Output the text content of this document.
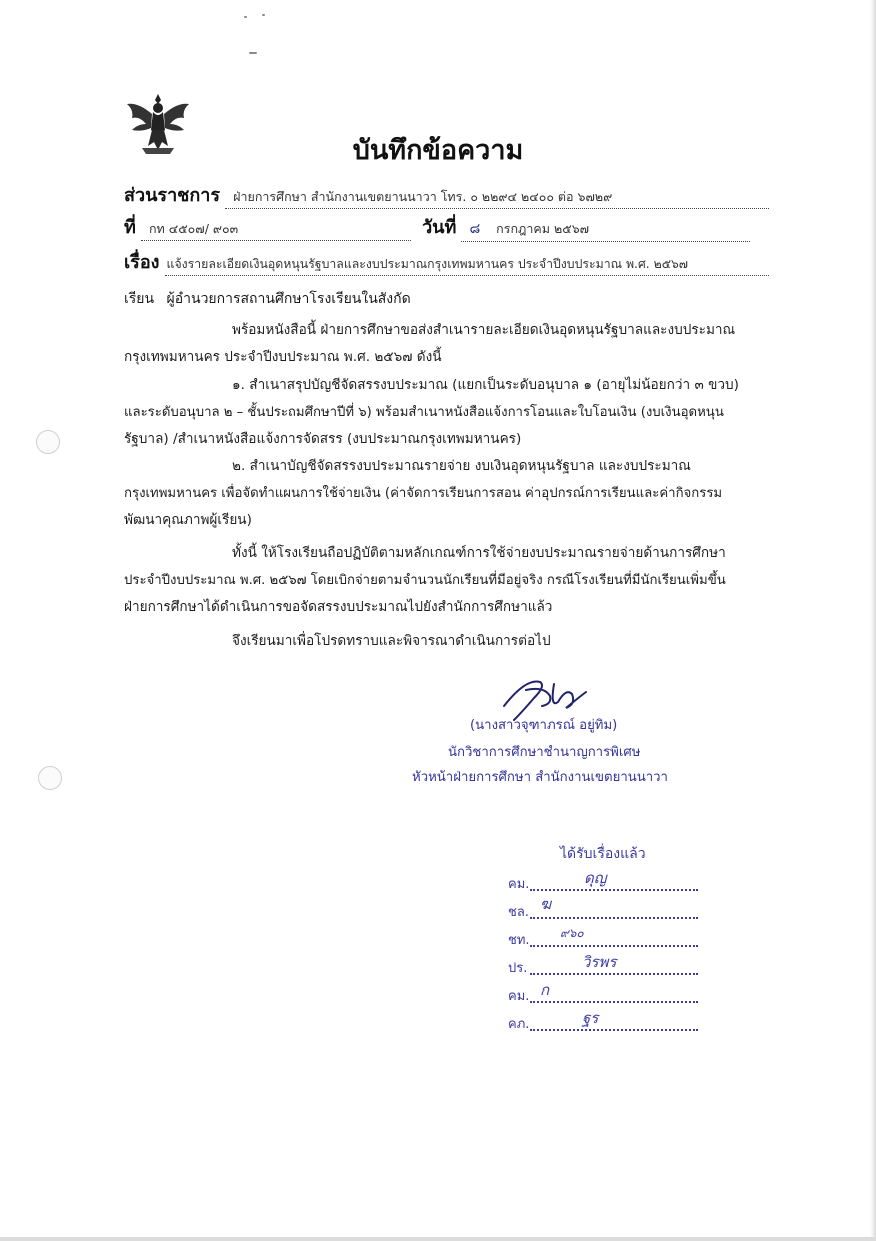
บันทึกข้อความ
ส่วนราชการ ฝ่ายการศึกษา สำนักงานเขตยานนาวา โทร. ๐ ๒๒๙๔ ๒๔๐๐ ต่อ ๖๗๒๙
ที่ กท ๔๕๐๗/ ๙๐๓	วันที่ ๘ กรกฎาคม ๒๕๖๗
เรื่อง แจ้งรายละเอียดเงินอุดหนุนรัฐบาลและงบประมาณกรุงเทพมหานคร ประจำปีงบประมาณ พ.ศ. ๒๕๖๗
เรียน ผู้อำนวยการสถานศึกษาโรงเรียนในสังกัด
พร้อมหนังสือนี้ ฝ่ายการศึกษาขอส่งสำเนารายละเอียดเงินอุดหนุนรัฐบาลและงบประมาณ
กรุงเทพมหานคร ประจำปีงบประมาณ พ.ศ. ๒๕๖๗ ดังนี้
๑. สำเนาสรุปบัญชีจัดสรรงบประมาณ (แยกเป็นระดับอนุบาล ๑ (อายุไม่น้อยกว่า ๓ ขวบ)
และระดับอนุบาล ๒ – ชั้นประถมศึกษาปีที่ ๖) พร้อมสำเนาหนังสือแจ้งการโอนและใบโอนเงิน (งบเงินอุดหนุน
รัฐบาล) /สำเนาหนังสือแจ้งการจัดสรร (งบประมาณกรุงเทพมหานคร)
๒. สำเนาบัญชีจัดสรรงบประมาณรายจ่าย งบเงินอุดหนุนรัฐบาล และงบประมาณ
กรุงเทพมหานคร เพื่อจัดทำแผนการใช้จ่ายเงิน (ค่าจัดการเรียนการสอน ค่าอุปกรณ์การเรียนและค่ากิจกรรม
พัฒนาคุณภาพผู้เรียน)
ทั้งนี้ ให้โรงเรียนถือปฏิบัติตามหลักเกณฑ์การใช้จ่ายงบประมาณรายจ่ายด้านการศึกษา
ประจำปีงบประมาณ พ.ศ. ๒๕๖๗ โดยเบิกจ่ายตามจำนวนนักเรียนที่มีอยู่จริง กรณีโรงเรียนที่มีนักเรียนเพิ่มขึ้น
ฝ่ายการศึกษาได้ดำเนินการขอจัดสรรงบประมาณไปยังสำนักการศึกษาแล้ว
จึงเรียนมาเพื่อโปรดทราบและพิจารณาดำเนินการต่อไป
(นางสาวจุฑาภรณ์ อยู่ทิม)
นักวิชาการศึกษาชำนาญการพิเศษ
หัวหน้าฝ่ายการศึกษา สำนักงานเขตยานนาวา
ได้รับเรื่องแล้ว
คม.	ดุญ
ชล. ฆ
ชท.	๙๖๐
ปร.	วิรพร
คม. ก
คภ.	ฐร
